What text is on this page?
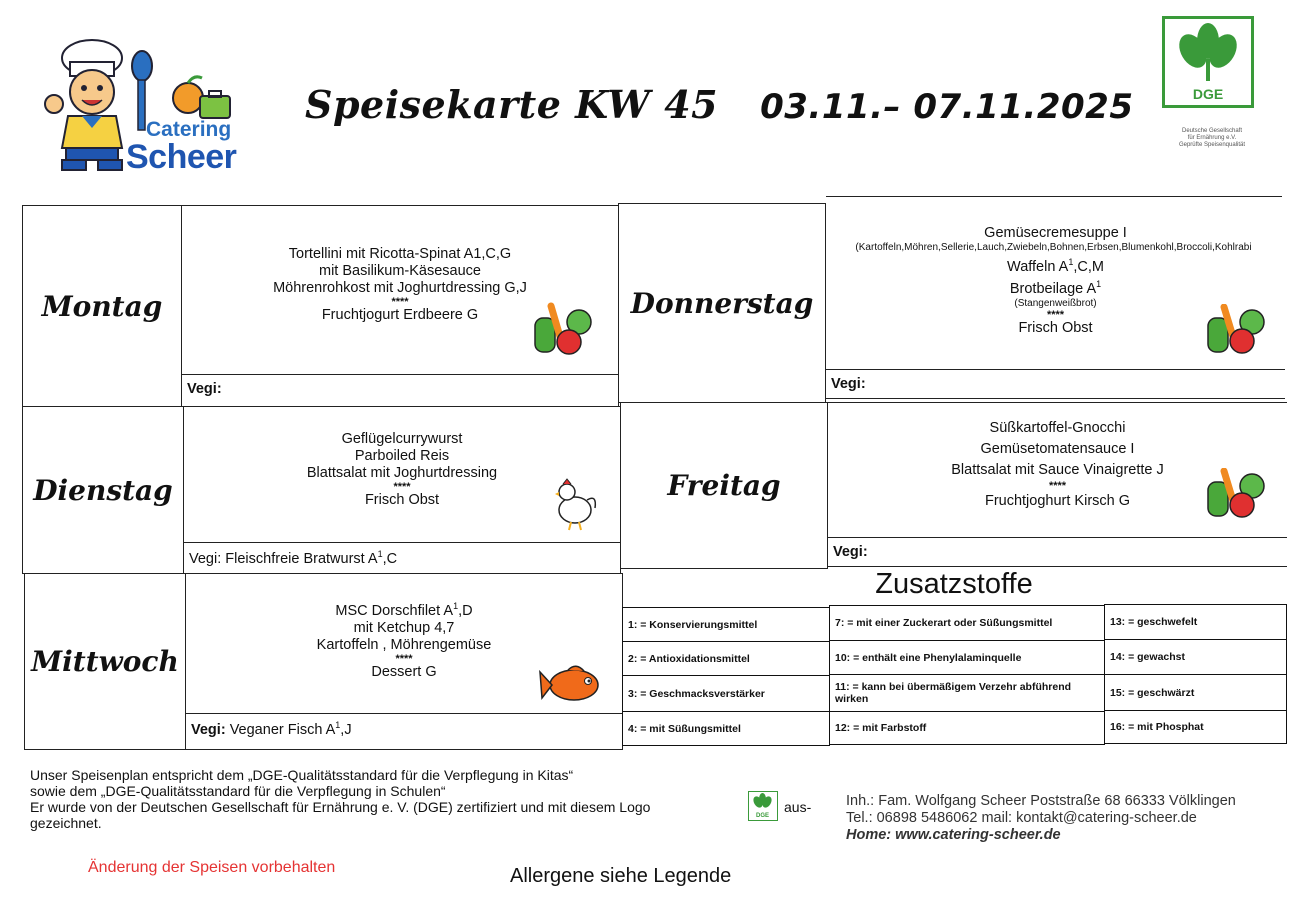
Catering
Scheer
Speisekarte KW 45 03.11.– 07.11.2025	DGE
Deutsche Gesellschaft
für Ernährung e.V.
Geprüfte Speisenqualität
Montag
Tortellini mit Ricotta-Spinat A1,C,G
mit Basilikum-Käsesauce
Möhrenrohkost mit Joghurtdressing G,J
****
Fruchtjogurt Erdbeere G
Vegi:
Dienstag
Geflügelcurrywurst
Parboiled Reis
Blattsalat mit Joghurtdressing
****
Frisch Obst
Vegi: Fleischfreie Bratwurst $A^1,C$
Mittwoch
MSC Dorschfilet $A^1,D$
mit Ketchup 4,7
Kartoffeln , Möhrengemüse
****
Dessert G
Vegi: Veganer Fisch $A^1,J$
Donnerstag
Gemüsecremesuppe I
(Kartoffeln,Möhren,Sellerie,Lauch,Zwiebeln,Bohnen,Erbsen,Blumenkohl,Broccoli,Kohlrabi
Waffeln $A^1,C,M$
Brotbeilage $A^1$
(Stangenweißbrot)
****
Frisch Obst
Vegi:
Freitag
Süßkartoffel-Gnocchi
Gemüsetomatensauce I
Blattsalat mit Sauce Vinaigrette J
****
Fruchtjoghurt Kirsch G
Vegi:
Zusatzstoffe
1: = Konservierungsmittel
2: = Antioxidationsmittel
3: = Geschmacksverstärker
4: = mit Süßungsmittel
7: = mit einer Zuckerart oder Süßungsmittel
10: = enthält eine Phenylalaminquelle
11: = kann bei übermäßigem Verzehr abführend wirken
12: = mit Farbstoff
13: = geschwefelt
14: = gewachst
15: = geschwärzt
16: = mit Phosphat
Unser Speisenplan entspricht dem „DGE-Qualitätsstandard für die Verpflegung in Kitas“
sowie dem „DGE-Qualitätsstandard für die Verpflegung in Schulen“
Er wurde von der Deutschen Gesellschaft für Ernährung e. V. (DGE) zertifiziert und mit diesem Logo
gezeichnet.	DGE
aus-
Änderung der Speisen vorbehalten	Allergene siehe Legende
Inh.: Fam. Wolfgang Scheer Poststraße 68 66333 Völklingen
Tel.: 06898 5486062 mail: kontakt@catering-scheer.de
Home: www.catering-scheer.de
